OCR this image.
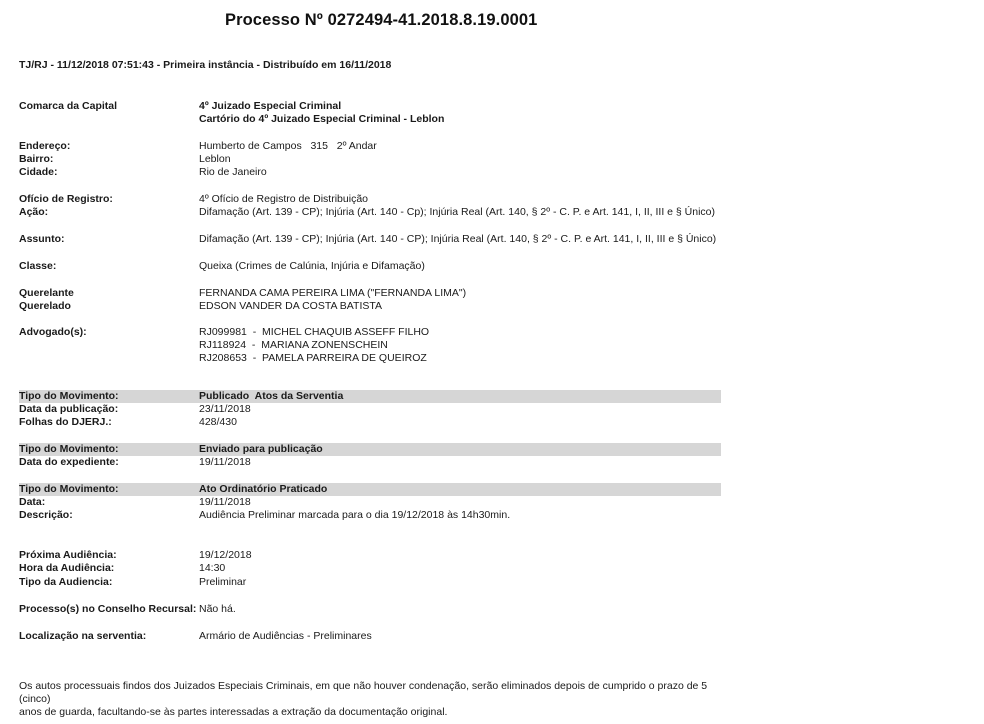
Processo Nº 0272494-41.2018.8.19.0001
TJ/RJ - 11/12/2018 07:51:43 - Primeira instância - Distribuído em 16/11/2018
Comarca da Capital	4º Juizado Especial Criminal
Cartório do 4º Juizado Especial Criminal - Leblon
Endereço:	Humberto de Campos   315   2º Andar
Bairro:	Leblon
Cidade:	Rio de Janeiro
Ofício de Registro:	4º Ofício de Registro de Distribuição
Ação:	Difamação (Art. 139 - CP); Injúria (Art. 140 - Cp); Injúria Real (Art. 140, § 2º - C. P. e Art. 141, I, II, III e § Único)
Assunto:	Difamação (Art. 139 - CP); Injúria (Art. 140 - CP); Injúria Real (Art. 140, § 2º - C. P. e Art. 141, I, II, III e § Único)
Classe:	Queixa (Crimes de Calúnia, Injúria e Difamação)
Querelante	FERNANDA CAMA PEREIRA LIMA ("FERNANDA LIMA")
Querelado	EDSON VANDER DA COSTA BATISTA
Advogado(s):	RJ099981  -  MICHEL CHAQUIB ASSEFF FILHO
RJ118924  -  MARIANA ZONENSCHEIN
RJ208653  -  PAMELA PARREIRA DE QUEIROZ
Tipo do Movimento:	Publicado  Atos da Serventia
Data da publicação:	23/11/2018
Folhas do DJERJ.:	428/430
Tipo do Movimento:	Enviado para publicação
Data do expediente:	19/11/2018
Tipo do Movimento:	Ato Ordinatório Praticado
Data:	19/11/2018
Descrição:	Audiência Preliminar marcada para o dia 19/12/2018 às 14h30min.
Próxima Audiência:	19/12/2018
Hora da Audiência:	14:30
Tipo da Audiencia:	Preliminar
Processo(s) no Conselho Recursal: Não há.
Localização na serventia:	Armário de Audiências - Preliminares
Os autos processuais findos dos Juizados Especiais Criminais, em que não houver condenação, serão eliminados depois de cumprido o prazo de 5 (cinco)
anos de guarda, facultando-se às partes interessadas a extração da documentação original.
